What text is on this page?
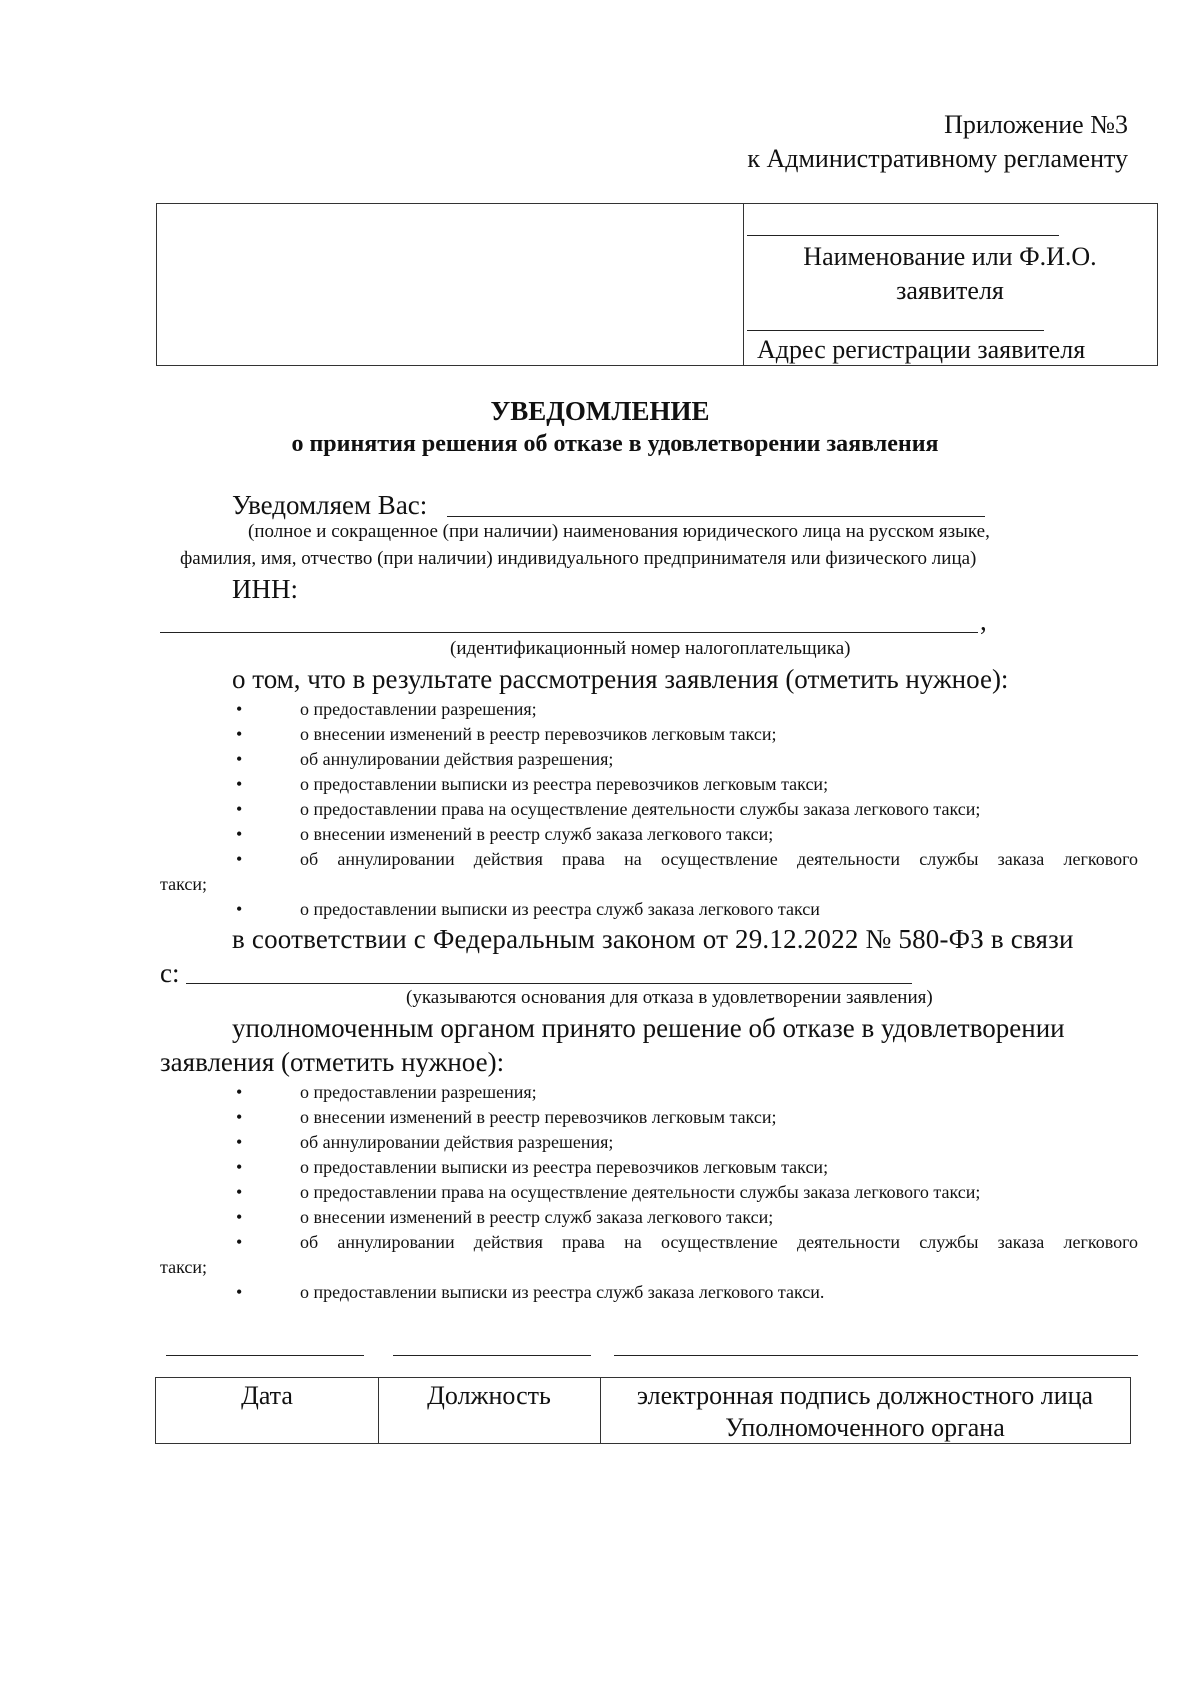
Приложение №3
к Административному регламенту
Наименование или Ф.И.О.
заявителя
Адрес регистрации заявителя
УВЕДОМЛЕНИЕ
о принятия решения об отказе в удовлетворении заявления
Уведомляем Вас:
(полное и сокращенное (при наличии) наименования юридического лица на русском языке,
фамилия, имя, отчество (при наличии) индивидуального предпринимателя или физического лица)
ИНН:
,
(идентификационный номер налогоплательщика)
о том, что в результате рассмотрения заявления (отметить нужное):
•	о предоставлении разрешения;
•	о внесении изменений в реестр перевозчиков легковым такси;
•	об аннулировании действия разрешения;
•	о предоставлении выписки из реестра перевозчиков легковым такси;
•	о предоставлении права на осуществление деятельности службы заказа легкового такси;
•	о внесении изменений в реестр служб заказа легкового такси;
•	об аннулировании действия права на осуществление деятельности службы заказа легкового
такси;
•	о предоставлении выписки из реестра служб заказа легкового такси
в соответствии с Федеральным законом от 29.12.2022 № 580-ФЗ в связи
с:
(указываются основания для отказа в удовлетворении заявления)
уполномоченным органом принято решение об отказе в удовлетворении
заявления (отметить нужное):
•	о предоставлении разрешения;
•	о внесении изменений в реестр перевозчиков легковым такси;
•	об аннулировании действия разрешения;
•	о предоставлении выписки из реестра перевозчиков легковым такси;
•	о предоставлении права на осуществление деятельности службы заказа легкового такси;
•	о внесении изменений в реестр служб заказа легкового такси;
•	об аннулировании действия права на осуществление деятельности службы заказа легкового
такси;
•	о предоставлении выписки из реестра служб заказа легкового такси.
Дата	Должность	электронная подпись должностного лица
Уполномоченного органа
